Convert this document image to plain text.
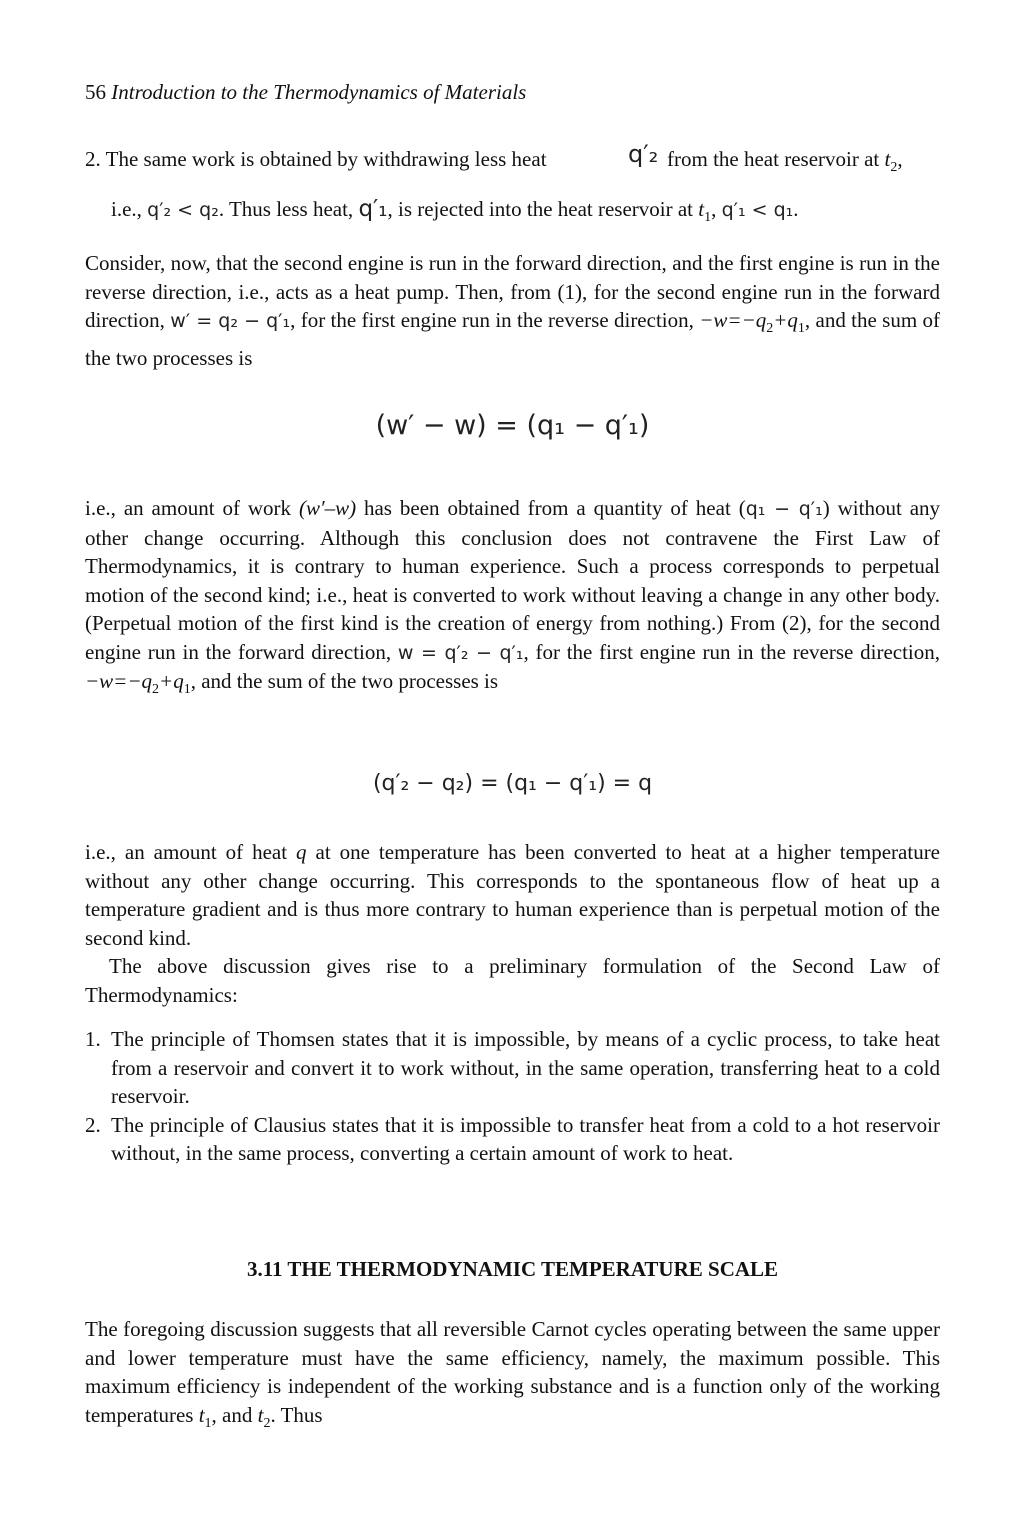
56 Introduction to the Thermodynamics of Materials
2. The same work is obtained by withdrawing less heat	q′₂ from the heat reservoir at $t_2$,
i.e., q′₂ < q₂. Thus less heat, q′₁, is rejected into the heat reservoir at $t_1$, q′₁ < q₁.
Consider, now, that the second engine is run in the forward direction, and the first engine is run in the reverse direction, i.e., acts as a heat pump. Then, from (1), for the second engine run in the forward direction, w′ = q₂ − q′₁, for the first engine run in the reverse direction, $-w=-q_2+q_1$, and the sum of the two processes is
(w′ − w) = (q₁ − q′₁)
i.e., an amount of work (w′–w) has been obtained from a quantity of heat (q₁ − q′₁) without any other change occurring. Although this conclusion does not contravene the First Law of Thermodynamics, it is contrary to human experience. Such a process corresponds to perpetual motion of the second kind; i.e., heat is converted to work without leaving a change in any other body. (Perpetual motion of the first kind is the creation of energy from nothing.) From (2), for the second engine run in the forward direction, w = q′₂ − q′₁, for the first engine run in the reverse direction, $-w=-q_2+q_1$, and the sum of the two processes is
(q′₂ − q₂) = (q₁ − q′₁) = q
i.e., an amount of heat q at one temperature has been converted to heat at a higher temperature without any other change occurring. This corresponds to the spontaneous flow of heat up a temperature gradient and is thus more contrary to human experience than is perpetual motion of the second kind.
The above discussion gives rise to a preliminary formulation of the Second Law of Thermodynamics:
1. The principle of Thomsen states that it is impossible, by means of a cyclic process, to take heat from a reservoir and convert it to work without, in the same operation, transferring heat to a cold reservoir.
2. The principle of Clausius states that it is impossible to transfer heat from a cold to a hot reservoir without, in the same process, converting a certain amount of work to heat.
3.11 THE THERMODYNAMIC TEMPERATURE SCALE
The foregoing discussion suggests that all reversible Carnot cycles operating between the same upper and lower temperature must have the same efficiency, namely, the maximum possible. This maximum efficiency is independent of the working substance and is a function only of the working temperatures $t_1$, and $t_2$. Thus
